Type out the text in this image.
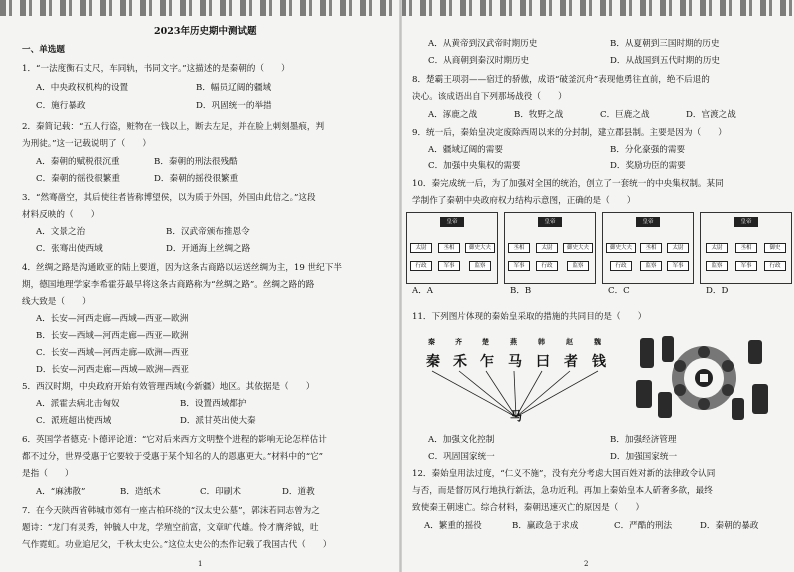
2023年历史期中测试题
一、单选题
1．“一法度衡石丈尺，车同轨，书同文字。”这描述的是秦朝的（　　）
A．中央政权机构的设置	B．幅员辽阔的疆域
C．施行暴政	D．巩固统一的举措
2．秦简记载：“五人行盗，赃物在一钱以上，断去左足，并在脸上刺刻墨痕，判
为刑徒。”这一记载说明了（　　）
A．秦朝的赋税很沉重	B．秦朝的刑法很残酷
C．秦朝的徭役很繁重	D．秦朝的摇役很繁重
3．“然骞凿空，其后使往者皆称博望侯，以为质于外国，外国由此信之。”这段
材料反映的（　　）
A．文景之治	B．汉武帝颁布推恩令
C．张骞出使西域	D．开通海上丝绸之路
4．丝绸之路是沟通欧亚的陆上要道，因为这条古商路以运送丝绸为主，19 世纪下半
期，德国地理学家李希霍芬最早将这条古商路称为“丝绸之路”。丝绸之路的路
线大致是（　　）
A．长安—河西走廊—西域—西亚—欧洲
B．长安—西域—河西走廊—西亚—欧洲
C．长安—西域—河西走廊—欧洲—西亚
D．长安—河西走廊—西域—欧洲—西亚
5．西汉时期，中央政府开始有效管理西域(今新疆）地区。其依据是（　　）
A．派霍去病北击匈奴	B．设置西域都护
C．派班超出使西域	D．派甘英出使大秦
6．英国学者德克·卜德评论道：“它对后来西方文明整个进程的影响无论怎样估计
都不过分，世界受惠于它要较于受惠于某个知名的人的恩惠更大。”材料中的“它”
是指（　　）
A．“麻沸散”	B．造纸术	C．印刷术	D．道教
7．在今天陕西省韩城市郊有一座古柏环绕的“汉太史公墓”，郭沫若同志曾为之
题诗：“龙门有灵秀，钟毓人中龙，学殖空前富，文章旷代雄。怜才膺斧钺，吐
气作霓虹。功业追尼父，千秋太史公。”这位太史公的杰作记载了我国古代（　　）
1
A．从黄帝到汉武帝时期历史	B．从夏朝到三国时期的历史
C．从商朝到秦汉时期历史	D．从战国到五代时期的历史
8．楚霸王项羽——宿迁的骄傲，成语“破釜沉舟”表现他勇往直前，绝不后退的
决心。该成语出自下列那场战役（　　）
A．涿鹿之战	B．牧野之战	C．巨鹿之战	D．官渡之战
9．统一后，秦始皇决定废除西周以来的分封制，建立郡县制。主要是因为（　　）
A．疆域辽阔的需要	B．分化豪强的需要
C．加强中央集权的需要	D．奖励功臣的需要
10．秦完成统一后，为了加强对全国的统治，创立了一套统一的中央集权制。某同
学制作了秦朝中央政府权力结构示意图，正确的是（　　）
皇帝
太尉	丞相	御史大夫
行政	军事	监察
A．A
皇帝
丞相	太尉	御史大夫
军事	行政	监察
B．B
皇帝
御史大夫	丞相	太尉
行政	监察	军事
C．C
皇帝
太尉	丞相	御史
监察	军事	行政
D．D
11．下列图片体现的秦始皇采取的措施的共同目的是（　　）
秦	齐	楚	燕	韩	赵	魏
秦 禾 乍 马 曰 者 钱
马
A．加强文化控制	B．加强经济管理
C．巩固国家统一	D．加强国家统一
12．秦始皇用法过度，“仁义不施”，没有充分考虑大国百姓对新的法律政令认同
与否，而是督厉风行地执行新法，急功近利。再加上秦始皇本人斫奢多欲，最终
致使秦王朝速亡。综合材料，秦朝迅速灭亡的原因是（　　）
A．繁重的摇役	B．赢政急于求成	C．严酷的刑法	D．秦朝的暴政
2
